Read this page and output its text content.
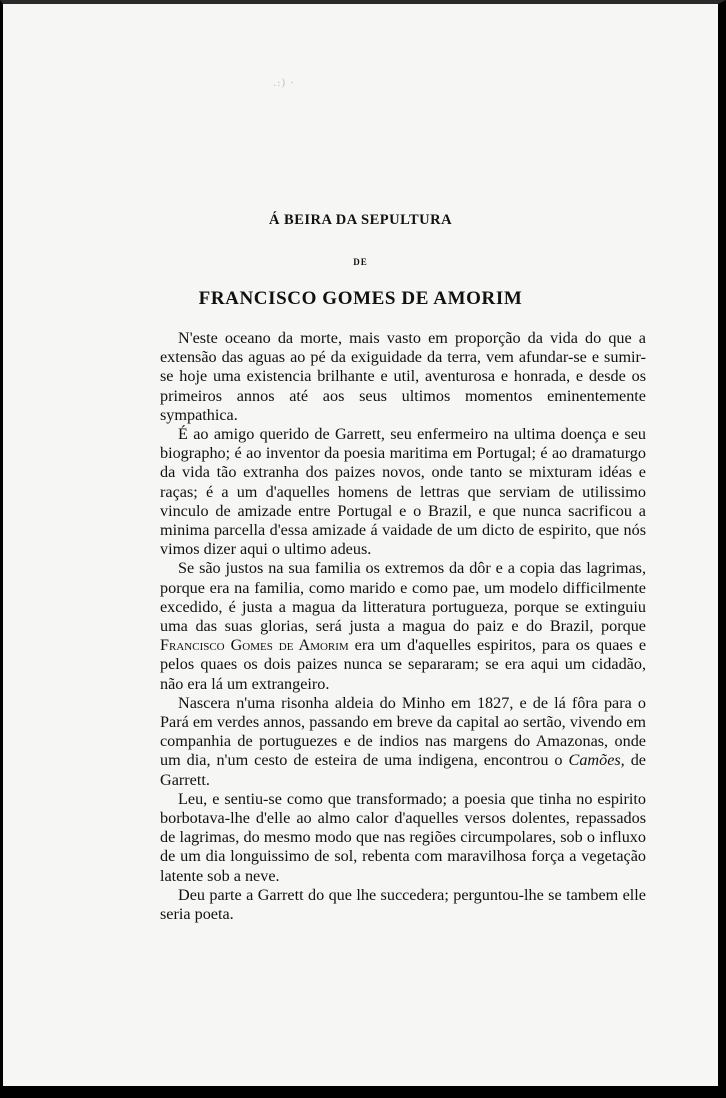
.:) ·
Á BEIRA DA SEPULTURA
DE
FRANCISCO GOMES DE AMORIM

N'este oceano da morte, mais vasto em proporção da vida do que a extensão das aguas ao pé da exiguidade da terra, vem afundar-se e sumir-se hoje uma existencia brilhante e util, aventurosa e honrada, e desde os primeiros annos até aos seus ultimos momentos eminentemente sympathica.

É ao amigo querido de Garrett, seu enfermeiro na ultima doença e seu biographo; é ao inventor da poesia maritima em Portugal; é ao dramaturgo da vida tão extranha dos paizes novos, onde tanto se mixturam idéas e raças; é a um d'aquelles homens de lettras que serviam de utilissimo vinculo de amizade entre Portugal e o Brazil, e que nunca sacrificou a minima parcella d'essa amizade á vaidade de um dicto de espirito, que nós vimos dizer aqui o ultimo adeus.

Se são justos na sua familia os extremos da dôr e a copia das lagrimas, porque era na familia, como marido e como pae, um modelo difficilmente excedido, é justa a magua da litteratura portugueza, porque se extinguiu uma das suas glorias, será justa a magua do paiz e do Brazil, porque Francisco Gomes de Amorim era um d'aquelles espiritos, para os quaes e pelos quaes os dois paizes nunca se separaram; se era aqui um cidadão, não era lá um extrangeiro.

Nascera n'uma risonha aldeia do Minho em 1827, e de lá fôra para o Pará em verdes annos, passando em breve da capital ao sertão, vivendo em companhia de portuguezes e de indios nas margens do Amazonas, onde um dia, n'um cesto de esteira de uma indigena, encontrou o Camões, de Garrett.

Leu, e sentiu-se como que transformado; a poesia que tinha no espirito borbotava-lhe d'elle ao almo calor d'aquelles versos dolentes, repassados de lagrimas, do mesmo modo que nas regiões circumpolares, sob o influxo de um dia longuissimo de sol, rebenta com maravilhosa força a vegetação latente sob a neve.

Deu parte a Garrett do que lhe succedera; perguntou-lhe se tambem elle seria poeta.
